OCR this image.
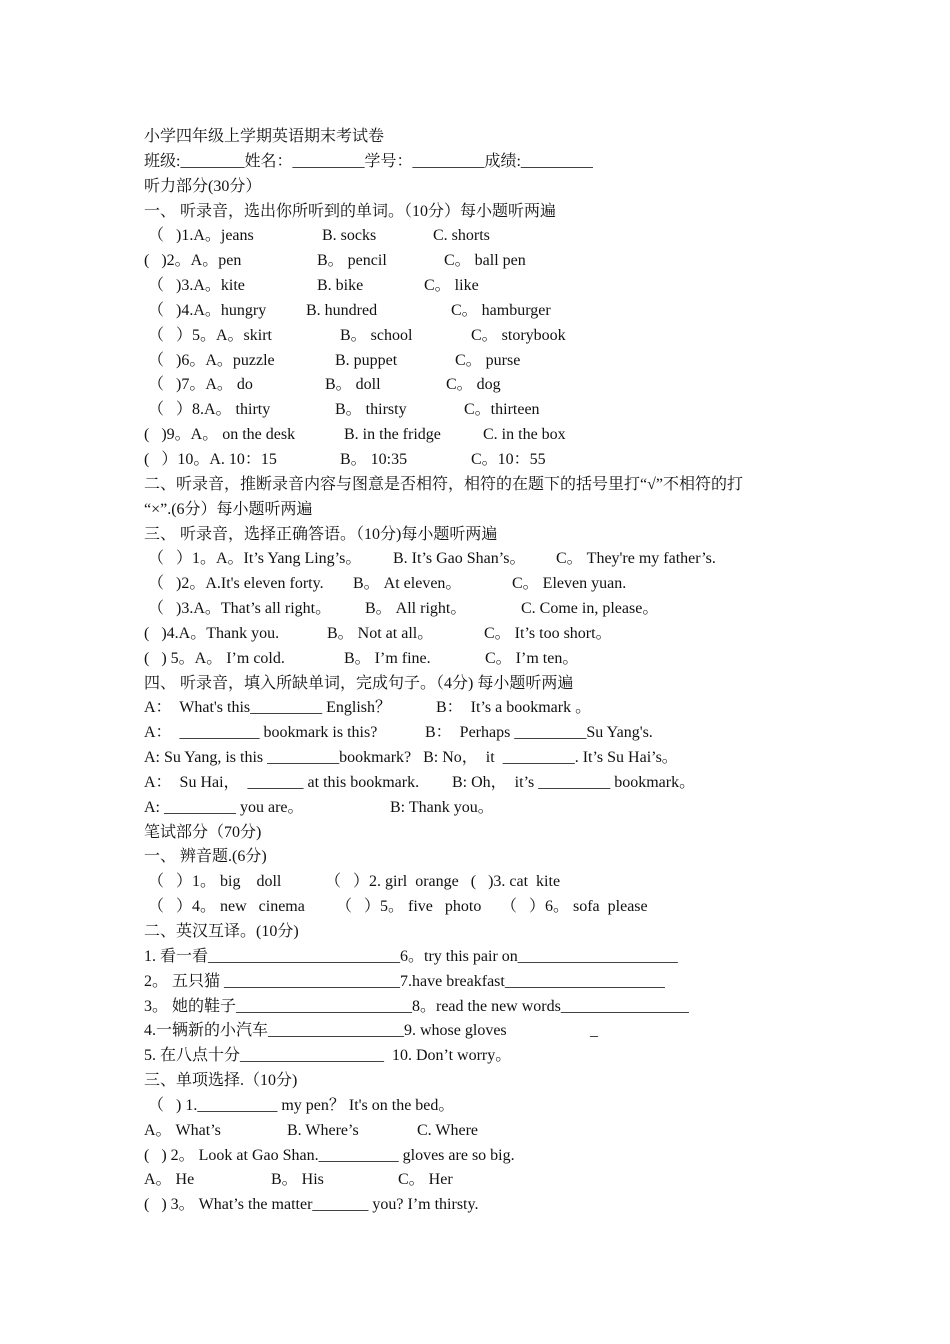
小学四年级上学期英语期末考试卷
班级:________姓名：_________学号：_________成绩:_________
听力部分(30分）
一、 听录音，选出你所听到的单词。（10分）每小题听两遍
（   )1.A。jeans	B. socks	C. shorts
(   )2。A。pen	B。 pencil	C。 ball pen
（   )3.A。kite	B. bike	C。 like
（   )4.A。hungry B. hundred	C。 hamburger
（   ）5。A。skirt	B。 school	C。 storybook
（   )6。A。puzzle	B. puppet	C。 purse
（   )7。A。 do	B。 doll	C。 dog
（   ）8.A。 thirty	B。 thirsty	C。thirteen
(   )9。A。 on the desk	B. in the fridge	C. in the box
(   ）10。A. 10：15	B。 10:35	C。10：55
二、听录音，推断录音内容与图意是否相符，相符的在题下的括号里打“√”不相符的打
“×”.(6分）每小题听两遍
三、 听录音，选择正确答语。（10分)每小题听两遍
（   ）1。A。It’s Yang Ling’s。 B. It’s Gao Shan’s。 C。 They're my father’s.
（   )2。A.It's eleven forty. B。 At eleven。	C。 Eleven yuan.
（   )3.A。That’s all right。 B。 All right。	C. Come in, please。
(   )4.A。Thank you.	B。 Not at all。	C。 It’s too short。
(   ) 5。A。 I’m cold.	B。 I’m fine.	C。 I’m ten。
四、 听录音，填入所缺单词，完成句子。（4分) 每小题听两遍
A：  What's this_________ English？	B：  It’s a bookmark 。
A：  __________ bookmark is this?	B：  Perhaps _________Su Yang's.
A: Su Yang, is this _________bookmark?   B: No，  it  _________. It’s Su Hai’s。
A：  Su Hai，  _______ at this bookmark. B: Oh，  it’s _________ bookmark。
A: _________ you are。	B: Thank you。
笔试部分（70分)
一、 辨音题.(6分)
（   ）1。 big    doll	（   ）2. girl  orange   (   )3. cat  kite
（   ）4。 new   cinema （   ）5。 five   photo （   ）6。 sofa  please
二、英汉互译。(10分)
1. 看一看________________________6。try this pair on____________________
2。 五只猫 ______________________7.have breakfast____________________
3。 她的鞋子______________________8。read the new words________________
4.一辆新的小汽车_________________9. whose gloves	_
5. 在八点十分__________________  10. Don’t worry。
三、单项选择.（10分)
（   ) 1.__________ my pen？ It's on the bed。
A。 What’s	B. Where’s	C. Where
(   ) 2。 Look at Gao Shan.__________ gloves are so big.
A。 He	B。 His	C。 Her
(   ) 3。 What’s the matter_______ you? I’m thirsty.
